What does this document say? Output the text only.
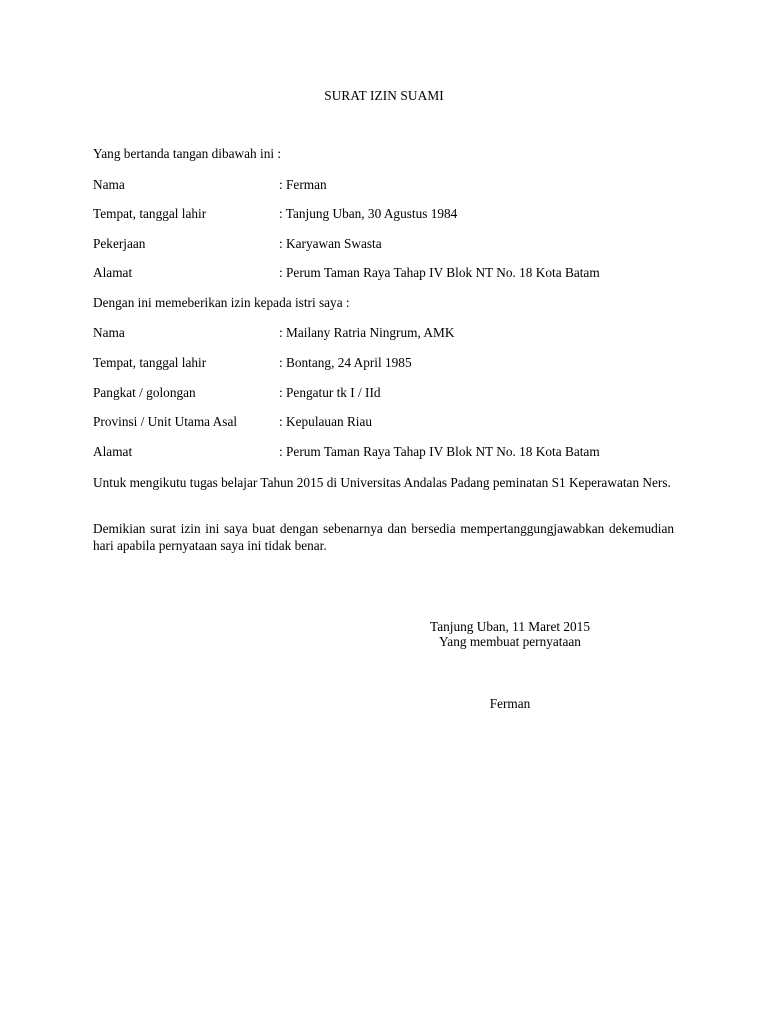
SURAT IZIN SUAMI
Yang bertanda tangan dibawah ini :
Nama	: Ferman
Tempat, tanggal lahir	: Tanjung Uban, 30 Agustus 1984
Pekerjaan	: Karyawan Swasta
Alamat	: Perum Taman Raya Tahap IV Blok NT No. 18 Kota Batam
Dengan ini memeberikan izin kepada istri saya :
Nama	: Mailany Ratria Ningrum, AMK
Tempat, tanggal lahir	: Bontang, 24 April 1985
Pangkat / golongan	: Pengatur tk I / IId
Provinsi / Unit Utama Asal	: Kepulauan Riau
Alamat	: Perum Taman Raya Tahap IV Blok NT No. 18 Kota Batam
Untuk mengikutu tugas belajar Tahun 2015 di Universitas Andalas Padang peminatan S1 Keperawatan Ners.
Demikian surat izin ini saya buat dengan sebenarnya dan bersedia mempertanggungjawabkan dekemudian hari apabila pernyataan saya ini tidak benar.
Tanjung Uban, 11 Maret 2015
Yang membuat pernyataan
Ferman
